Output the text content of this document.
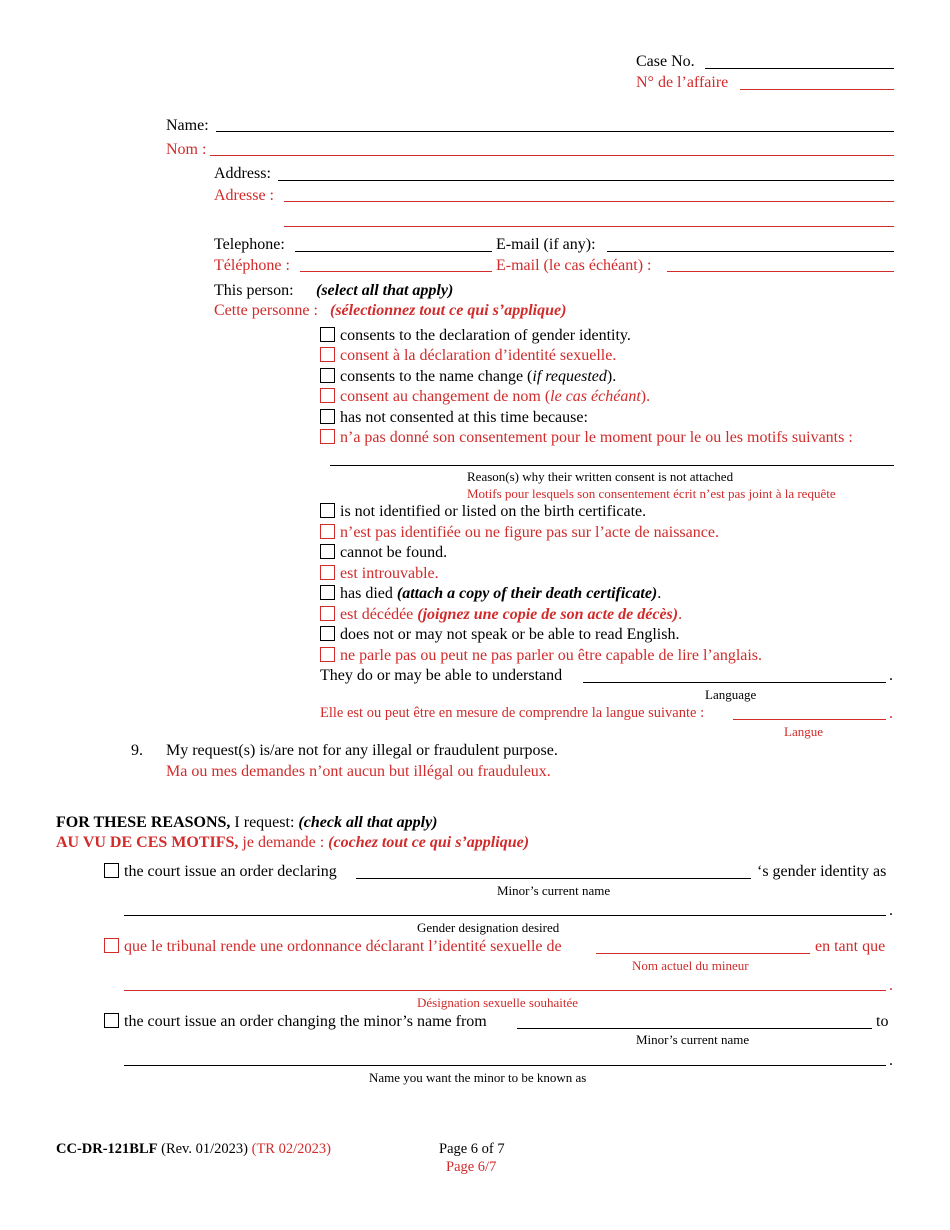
Case No.
N° de l’affaire
Name:
Nom :
Address:
Adresse :
Telephone:	E-mail (if any):
Téléphone :	E-mail (le cas échéant) :
This person: (select all that apply)
Cette personne : (sélectionnez tout ce qui s’applique)
consents to the declaration of gender identity.
consent à la déclaration d’identité sexuelle.
consents to the name change (if requested).
consent au changement de nom (le cas échéant).
has not consented at this time because:
n’a pas donné son consentement pour le moment pour le ou les motifs suivants :
Reason(s) why their written consent is not attached
Motifs pour lesquels son consentement écrit n’est pas joint à la requête
is not identified or listed on the birth certificate.
n’est pas identifiée ou ne figure pas sur l’acte de naissance.
cannot be found.
est introuvable.
has died (attach a copy of their death certificate).
est décédée (joignez une copie de son acte de décès).
does not or may not speak or be able to read English.
ne parle pas ou peut ne pas parler ou être capable de lire l’anglais.
They do or may be able to understand	.
Language
Elle est ou peut être en mesure de comprendre la langue suivante :	.
Langue
9. My request(s) is/are not for any illegal or fraudulent purpose.
Ma ou mes demandes n’ont aucun but illégal ou frauduleux.
FOR THESE REASONS, I request: (check all that apply)
AU VU DE CES MOTIFS, je demande : (cochez tout ce qui s’applique)
the court issue an order declaring	‘s gender identity as
Minor’s current name
.
Gender designation desired
que le tribunal rende une ordonnance déclarant l’identité sexuelle de	en tant que
Nom actuel du mineur
.
Désignation sexuelle souhaitée
the court issue an order changing the minor’s name from	to
Minor’s current name
.
Name you want the minor to be known as
CC-DR-121BLF (Rev. 01/2023) (TR 02/2023)	Page 6 of 7
Page 6/7
